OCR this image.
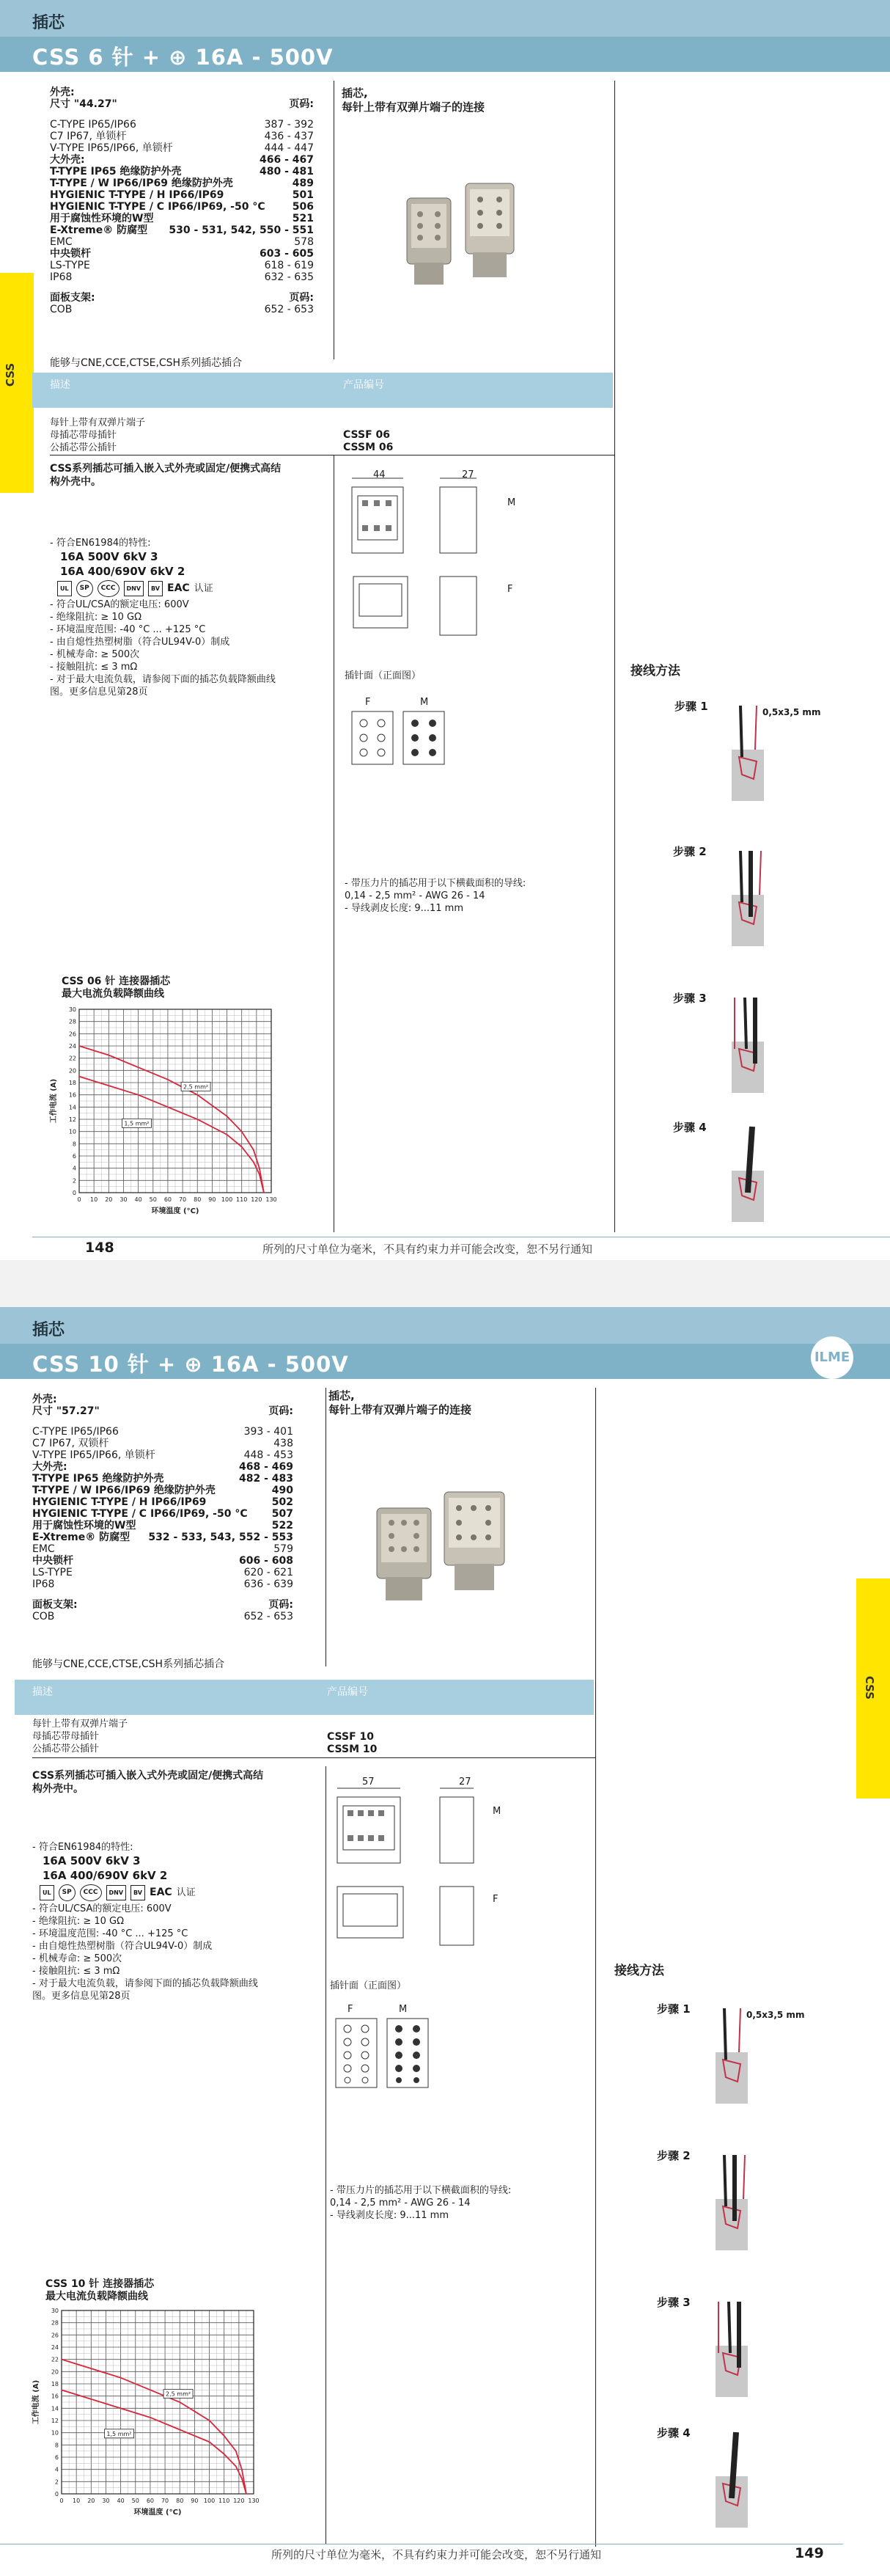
插芯
CSS 6 针 + ⊕ 16A - 500V
CSS
外壳:
尺寸 "44.27"	页码:
C-TYPE IP65/IP66	387 - 392
C7 IP67, 单锁杆	436 - 437
V-TYPE IP65/IP66, 单锁杆	444 - 447
大外壳:	466 - 467
T-TYPE IP65 绝缘防护外壳	480 - 481
T-TYPE / W IP66/IP69 绝缘防护外壳	489
HYGIENIC T-TYPE / H IP66/IP69	501
HYGIENIC T-TYPE / C IP66/IP69, -50 °C	506
用于腐蚀性环境的W型	521
E-Xtreme® 防腐型 530 - 531, 542, 550 - 551
EMC	578
中央锁杆	603 - 605
LS-TYPE	618 - 619
IP68	632 - 635
面板支架:	页码:
COB	652 - 653
插芯,
每针上带有双弹片端子的连接
能够与CNE,CCE,CTSE,CSH系列插芯插合
描述	产品编号
每针上带有双弹片端子
母插芯带母插针
公插芯带公插针
CSSF 06
CSSM 06
CSS系列插芯可插入嵌入式外壳或固定/便携式高结
构外壳中。
- 符合EN61984的特性:
16A 500V 6kV 3
16A 400/690V 6kV 2
UL	SP	CCC	DNV	BV EAC 认证
- 符合UL/CSA的额定电压: 600V
- 绝缘阻抗: ≥ 10 GΩ
- 环境温度范围: -40 °C ... +125 °C
- 由自熄性热塑树脂（符合UL94V-0）制成
- 机械寿命: ≥ 500次
- 接触阻抗: ≤ 3 mΩ
- 对于最大电流负载，请参阅下面的插芯负载降额曲线
图。更多信息见第28页
44	27
M
F
插针面（正面图）
F	M
- 带压力片的插芯用于以下横截面积的导线:
0,14 - 2,5 mm² - AWG 26 - 14
- 导线剥皮长度: 9...11 mm
接线方法
步骤 1
步骤 2
步骤 3
步骤 4
0,5x3,5 mm
CSS 06 针 连接器插芯
最大电流负载降额曲线
0 10 20 30 40 50 60 70 80 90 100 110 120 130
0
2
4
6
8
10
12
14
16
18
20
22
24
26
28
30
环境温度 (°C)
工作电流 (A)	2,5 mm²
1,5 mm²
148	所列的尺寸单位为毫米，不具有约束力并可能会改变，恕不另行通知
插芯
CSS 10 针 + ⊕ 16A - 500V	ILME
CSS
外壳:
尺寸 "57.27"	页码:
C-TYPE IP65/IP66	393 - 401
C7 IP67, 双锁杆	438
V-TYPE IP65/IP66, 单锁杆	448 - 453
大外壳:	468 - 469
T-TYPE IP65 绝缘防护外壳	482 - 483
T-TYPE / W IP66/IP69 绝缘防护外壳	490
HYGIENIC T-TYPE / H IP66/IP69	502
HYGIENIC T-TYPE / C IP66/IP69, -50 °C 507
用于腐蚀性环境的W型	522
E-Xtreme® 防腐型 532 - 533, 543, 552 - 553
EMC	579
中央锁杆	606 - 608
LS-TYPE	620 - 621
IP68	636 - 639
面板支架:	页码:
COB	652 - 653
插芯,
每针上带有双弹片端子的连接
能够与CNE,CCE,CTSE,CSH系列插芯插合
描述	产品编号
每针上带有双弹片端子
母插芯带母插针
公插芯带公插针
CSSF 10
CSSM 10
CSS系列插芯可插入嵌入式外壳或固定/便携式高结
构外壳中。
- 符合EN61984的特性:
16A 500V 6kV 3
16A 400/690V 6kV 2
UL	SP	CCC	DNV	BV EAC 认证
- 符合UL/CSA的额定电压: 600V
- 绝缘阻抗: ≥ 10 GΩ
- 环境温度范围: -40 °C ... +125 °C
- 由自熄性热塑树脂（符合UL94V-0）制成
- 机械寿命: ≥ 500次
- 接触阻抗: ≤ 3 mΩ
- 对于最大电流负载，请参阅下面的插芯负载降额曲线
图。更多信息见第28页
57	27
M
F
插针面（正面图）
F	M
- 带压力片的插芯用于以下横截面积的导线:
0,14 - 2,5 mm² - AWG 26 - 14
- 导线剥皮长度: 9...11 mm
接线方法
步骤 1
步骤 2
步骤 3
步骤 4
0,5x3,5 mm
CSS 10 针 连接器插芯
最大电流负载降额曲线
0 10 20 30 40 50 60 70 80 90 100 110 120 130
0
2
4
6
8
10
12
14
16
18
20
22
24
26
28
30
环境温度 (°C)
工作电流 (A)	2,5 mm²
1,5 mm²
所列的尺寸单位为毫米，不具有约束力并可能会改变，恕不另行通知	149
